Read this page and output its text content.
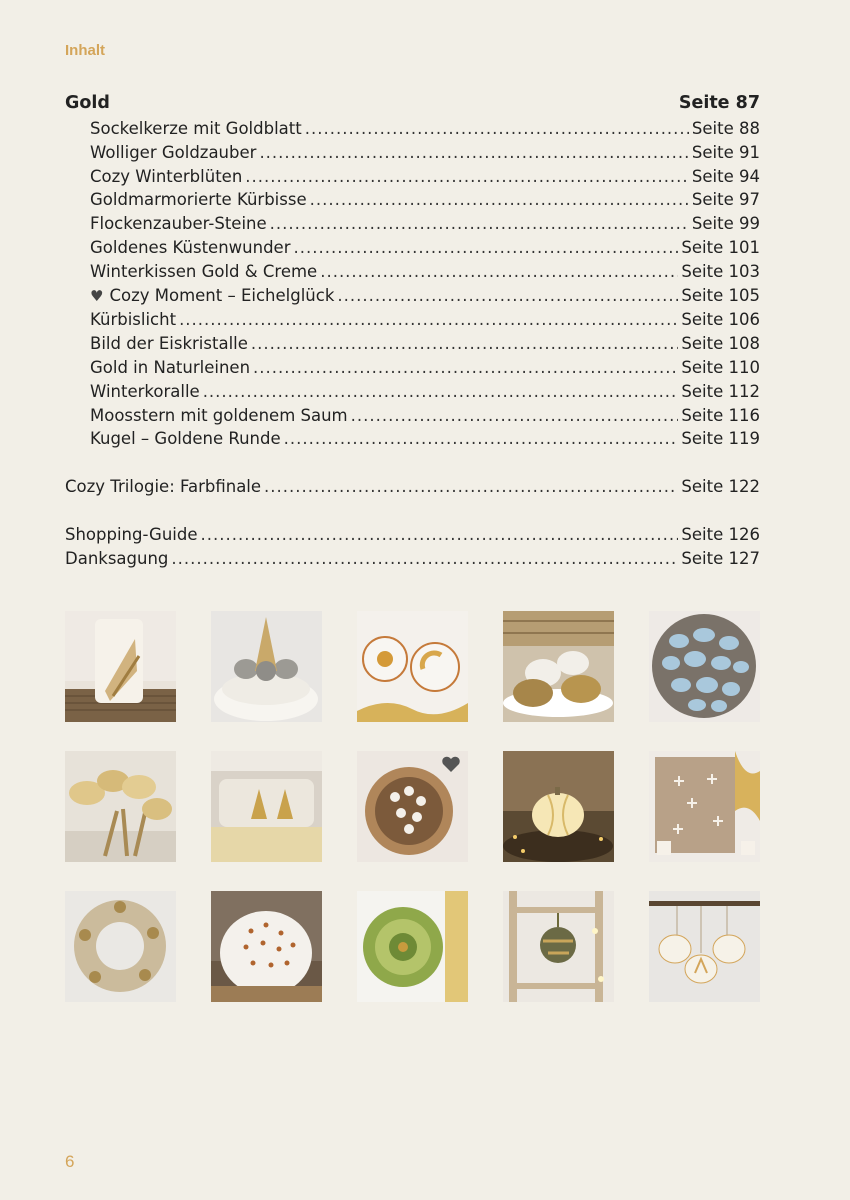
Inhalt
Gold	Seite 87
Sockelkerze mit Goldblatt .....	Seite 88
Wolliger Goldzauber .....	Seite 91
Cozy Winterblüten .....	Seite 94
Goldmarmorierte Kürbisse .....	Seite 97
Flockenzauber-Steine .....	Seite 99
Goldenes Küstenwunder .....	Seite 101
Winterkissen Gold & Creme .....	Seite 103
♥ Cozy Moment – Eichelglück .....	Seite 105
Kürbislicht .....	Seite 106
Bild der Eiskristalle .....	Seite 108
Gold in Naturleinen .....	Seite 110
Winterkoralle .....	Seite 112
Moosstern mit goldenem Saum .....	Seite 116
Kugel – Goldene Runde .....	Seite 119
Cozy Trilogie: Farbfinale .....	Seite 122
Shopping-Guide .....	Seite 126
Danksagung .....	Seite 127
6
